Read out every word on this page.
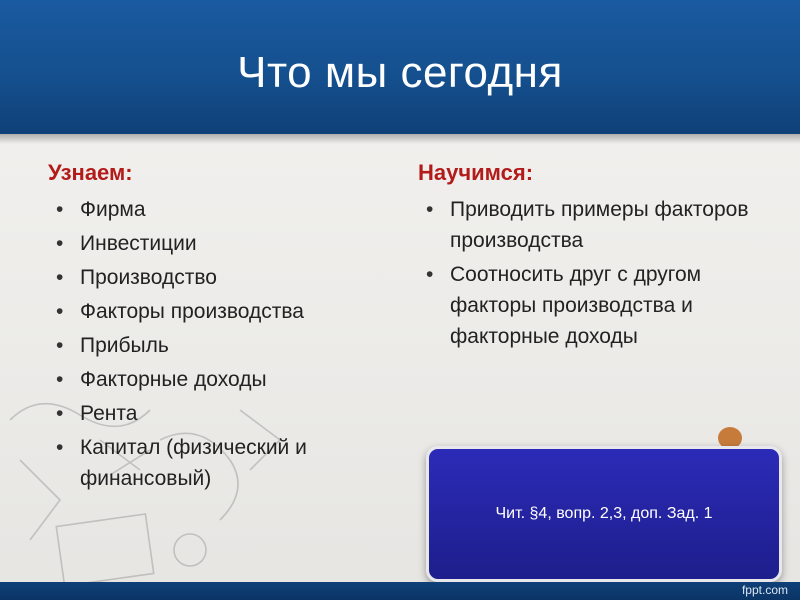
Что мы сегодня
Узнаем:
• Фирма
• Инвестиции
• Производство
• Факторы производства
• Прибыль
• Факторные доходы
• Рента
• Капитал (физический и финансовый)
Научимся:
• Приводить примеры факторов производства
• Соотносить друг с другом факторы производства и факторные доходы
Чит. §4, вопр. 2,3, доп. Зад. 1
fppt.com
